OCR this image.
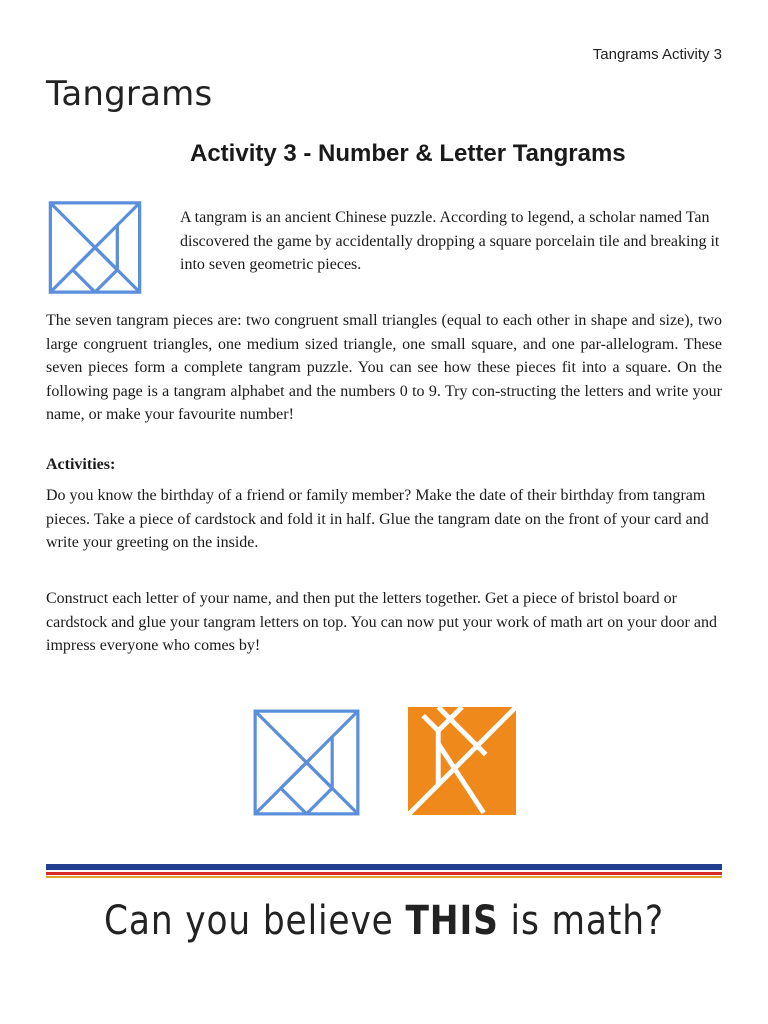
Tangrams Activity 3
Tangrams
Activity 3 - Number & Letter Tangrams

A tangram is an ancient Chinese puzzle. According to legend, a scholar named Tan discovered the game by accidentally dropping a square porcelain tile and breaking it into seven geometric pieces.

The seven tangram pieces are: two congruent small triangles (equal to each other in shape and size), two large congruent triangles, one medium sized triangle, one small square, and one par-allelogram. These seven pieces form a complete tangram puzzle. You can see how these pieces fit into a square. On the following page is a tangram alphabet and the numbers 0 to 9. Try con-structing the letters and write your name, or make your favourite number!

Activities:

Do you know the birthday of a friend or family member? Make the date of their birthday from tangram pieces. Take a piece of cardstock and fold it in half. Glue the tangram date on the front of your card and write your greeting on the inside.

Construct each letter of your name, and then put the letters together. Get a piece of bristol board or cardstock and glue your tangram letters on top. You can now put your work of math art on your door and impress everyone who comes by!

Can you believe THIS is math?
